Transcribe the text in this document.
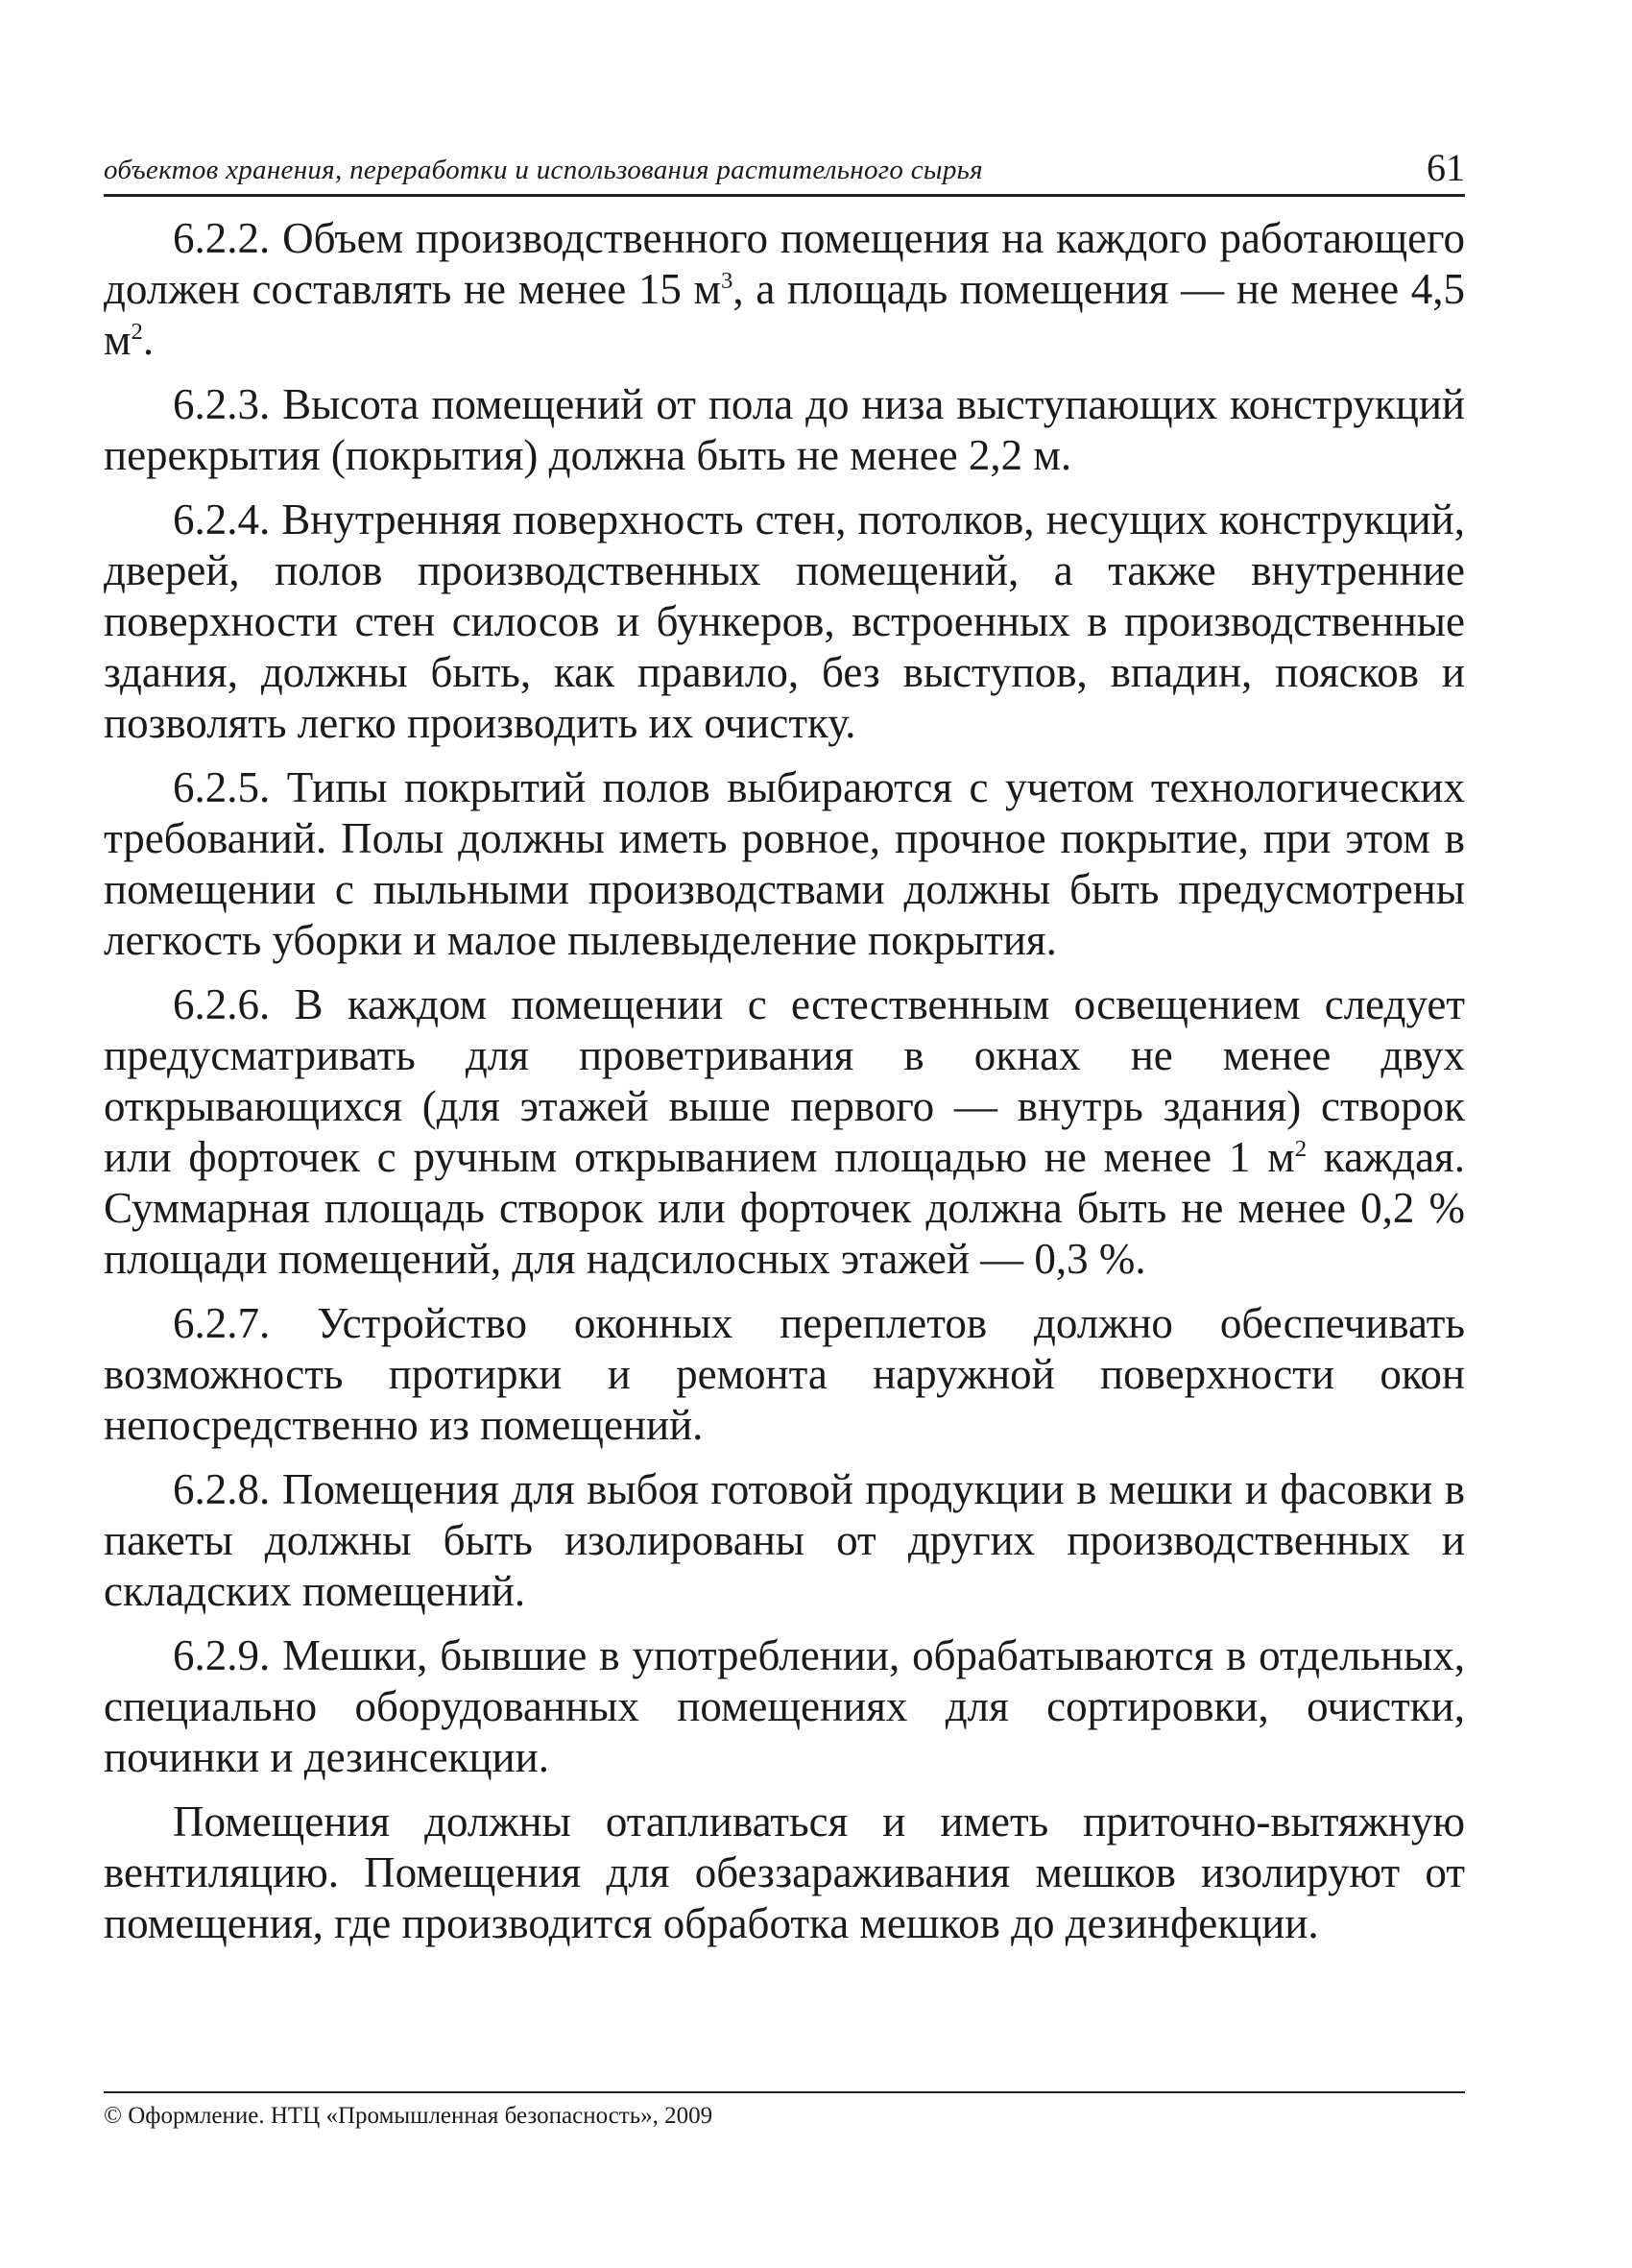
объектов хранения, переработки и использования растительного сырья	61

6.2.2. Объем производственного помещения на каждого работающего должен составлять не менее 15 $м^3$, а площадь помещения — не менее 4,5 $м^2$.

6.2.3. Высота помещений от пола до низа выступающих конструкций перекрытия (покрытия) должна быть не менее 2,2 м.

6.2.4. Внутренняя поверхность стен, потолков, несущих конструкций, дверей, полов производственных помещений, а также внутренние поверхности стен силосов и бункеров, встроенных в производственные здания, должны быть, как правило, без выступов, впадин, поясков и позволять легко производить их очистку.

6.2.5. Типы покрытий полов выбираются с учетом технологических требований. Полы должны иметь ровное, прочное покрытие, при этом в помещении с пыльными производствами должны быть предусмотрены легкость уборки и малое пылевыделение покрытия.

6.2.6. В каждом помещении с естественным освещением следует предусматривать для проветривания в окнах не менее двух открывающихся (для этажей выше первого — внутрь здания) створок или форточек с ручным открыванием площадью не менее 1 $м^2$ каждая. Суммарная площадь створок или форточек должна быть не менее 0,2 % площади помещений, для надсилосных этажей — 0,3 %.

6.2.7. Устройство оконных переплетов должно обеспечивать возможность протирки и ремонта наружной поверхности окон непосредственно из помещений.

6.2.8. Помещения для выбоя готовой продукции в мешки и фасовки в пакеты должны быть изолированы от других производственных и складских помещений.

6.2.9. Мешки, бывшие в употреблении, обрабатываются в отдельных, специально оборудованных помещениях для сортировки, очистки, починки и дезинсекции.

Помещения должны отапливаться и иметь приточно-вытяжную вентиляцию. Помещения для обеззараживания мешков изолируют от помещения, где производится обработка мешков до дезинфекции.

© Оформление. НТЦ «Промышленная безопасность», 2009
